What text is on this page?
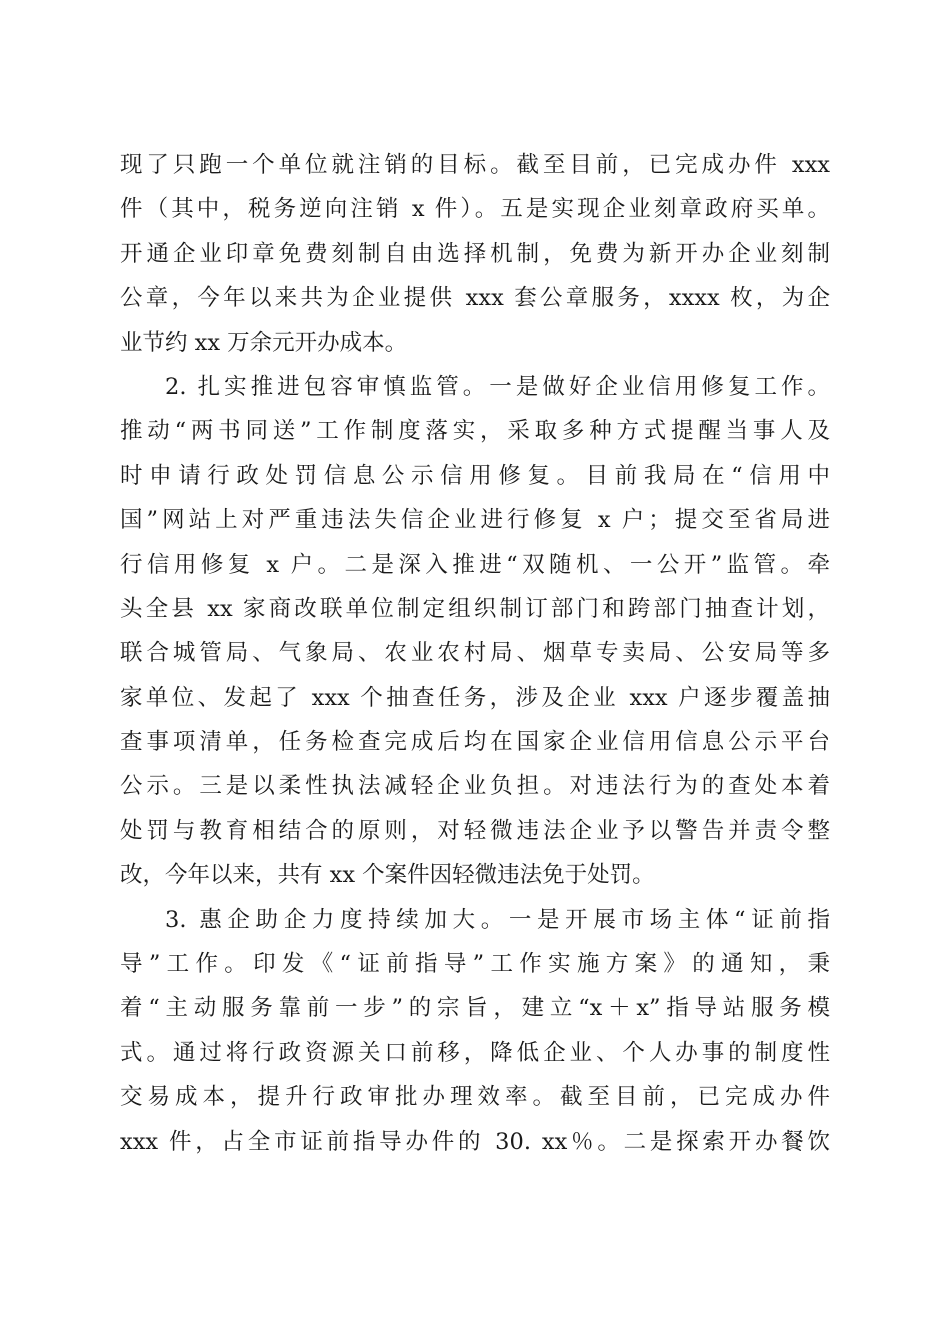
现了只跑一个单位就注销的目标。截至目前，已完成办件 xxx
件（其中，税务逆向注销 x 件）。五是实现企业刻章政府买单。
开通企业印章免费刻制自由选择机制，免费为新开办企业刻制
公章，今年以来共为企业提供 xxx 套公章服务，xxxx 枚，为企
业节约 xx 万余元开办成本。
2. 扎实推进包容审慎监管。一是做好企业信用修复工作。
推动“两书同送”工作制度落实，采取多种方式提醒当事人及
时申请行政处罚信息公示信用修复。目前我局在“信用中
国”网站上对严重违法失信企业进行修复 x 户；提交至省局进
行信用修复 x 户。二是深入推进“双随机、一公开”监管。牵
头全县 xx 家商改联单位制定组织制订部门和跨部门抽查计划，
联合城管局、气象局、农业农村局、烟草专卖局、公安局等多
家单位、发起了 xxx 个抽查任务，涉及企业 xxx 户逐步覆盖抽
查事项清单，任务检查完成后均在国家企业信用信息公示平台
公示。三是以柔性执法减轻企业负担。对违法行为的查处本着
处罚与教育相结合的原则，对轻微违法企业予以警告并责令整
改，今年以来，共有 xx 个案件因轻微违法免于处罚。
3. 惠企助企力度持续加大。一是开展市场主体“证前指
导”工作。印发《“证前指导”工作实施方案》的通知，秉
着“主动服务靠前一步”的宗旨，建立“x＋x”指导站服务模
式。通过将行政资源关口前移，降低企业、个人办事的制度性
交易成本，提升行政审批办理效率。截至目前，已完成办件
xxx 件，占全市证前指导办件的 30. xx％。二是探索开办餐饮
